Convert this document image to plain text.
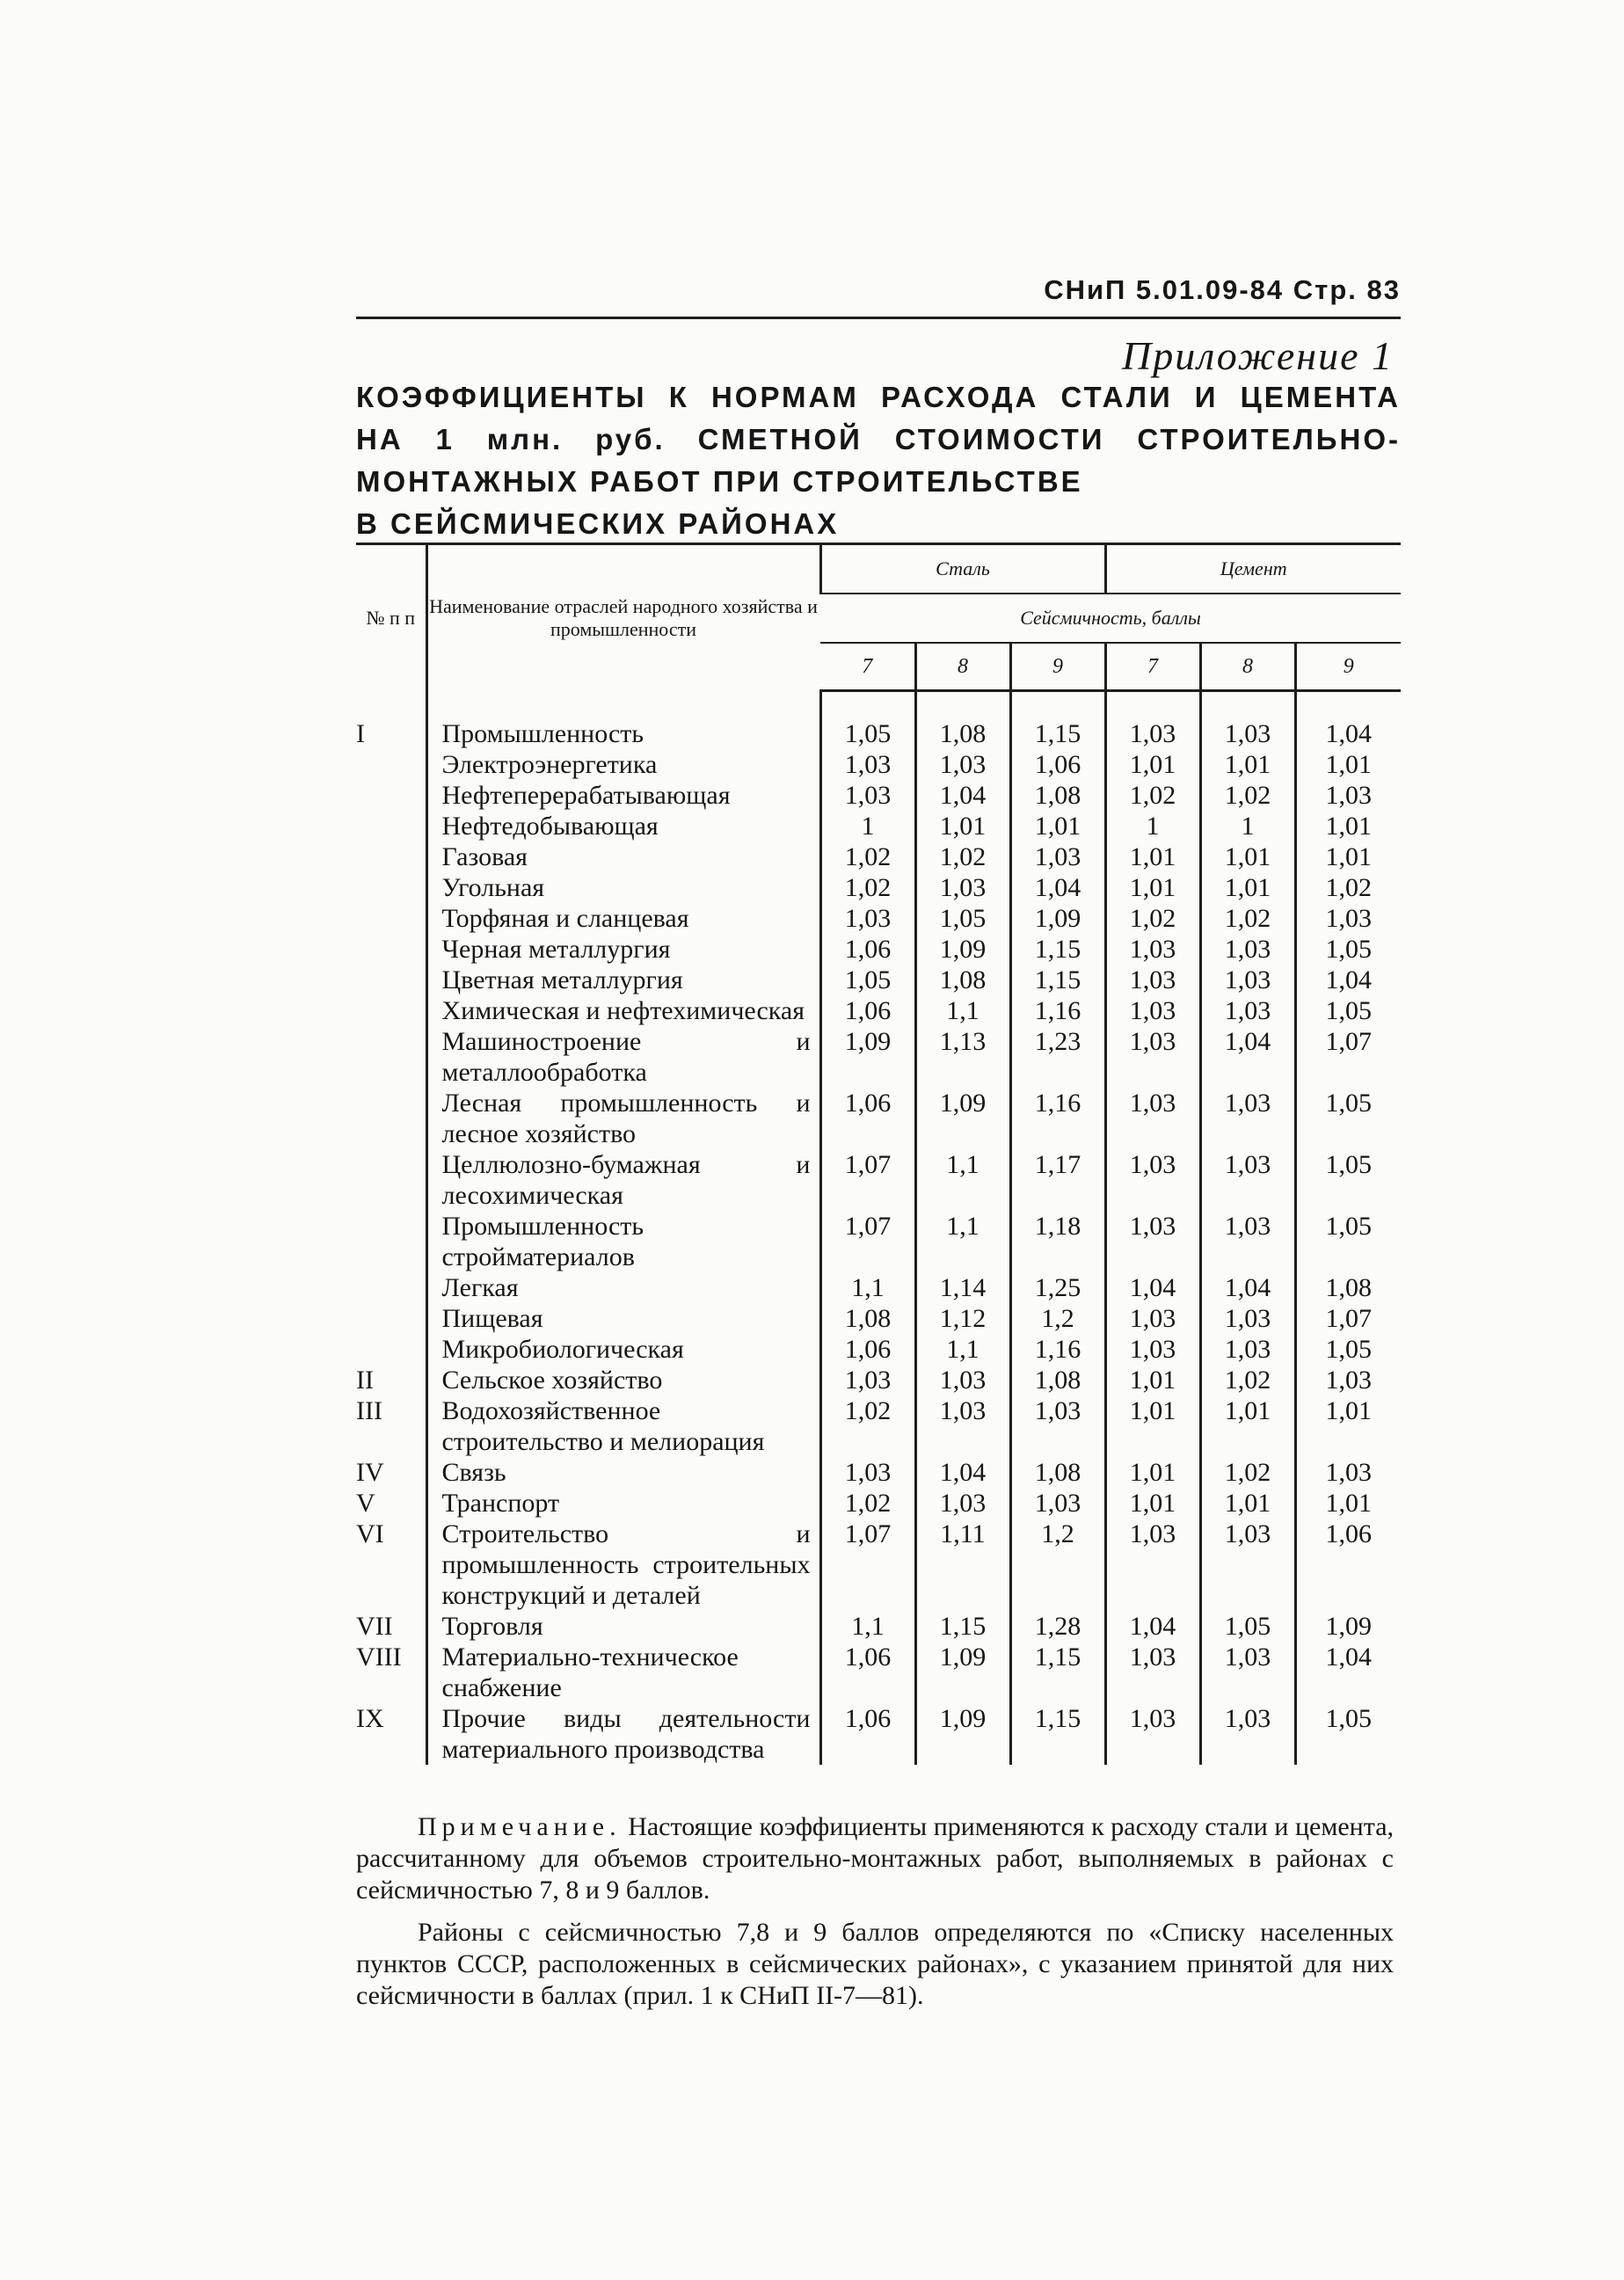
СНиП 5.01.09-84 Стр. 83
Приложение 1
КОЭФФИЦИЕНТЫ К НОРМАМ РАСХОДА СТАЛИ И ЦЕМЕНТА
НА 1 млн. руб. СМЕТНОЙ СТОИМОСТИ СТРОИТЕЛЬНО-
МОНТАЖНЫХ РАБОТ ПРИ СТРОИТЕЛЬСТВЕ
В СЕЙСМИЧЕСКИХ РАЙОНАХ
№ п п	Наименование отраслей народного хозяйства и промышленности	Сталь			Цемент		
		Сейсмичность, баллы					
		7	8	9	7	8	9

I	Промышленность	1,05	1,08	1,15	1,03	1,03	1,04
	Электроэнергетика	1,03	1,03	1,06	1,01	1,01	1,01
	Нефтеперерабатывающая	1,03	1,04	1,08	1,02	1,02	1,03
	Нефтедобывающая	1	1,01	1,01	1	1	1,01
	Газовая	1,02	1,02	1,03	1,01	1,01	1,01
	Угольная	1,02	1,03	1,04	1,01	1,01	1,02
	Торфяная и сланцевая	1,03	1,05	1,09	1,02	1,02	1,03
	Черная металлургия	1,06	1,09	1,15	1,03	1,03	1,05
	Цветная металлургия	1,05	1,08	1,15	1,03	1,03	1,04
	Химическая и нефтехимическая	1,06	1,1	1,16	1,03	1,03	1,05
	Машиностроение и металлообработка	1,09	1,13	1,23	1,03	1,04	1,07
	Лесная промышленность и лесное хозяйство	1,06	1,09	1,16	1,03	1,03	1,05
	Целлюлозно-бумажная и лесохимическая	1,07	1,1	1,17	1,03	1,03	1,05
	Промышленность стройматериалов	1,07	1,1	1,18	1,03	1,03	1,05
	Легкая	1,1	1,14	1,25	1,04	1,04	1,08
	Пищевая	1,08	1,12	1,2	1,03	1,03	1,07
	Микробиологическая	1,06	1,1	1,16	1,03	1,03	1,05
II	Сельское хозяйство	1,03	1,03	1,08	1,01	1,02	1,03
III	Водохозяйственное строительство и мелиорация	1,02	1,03	1,03	1,01	1,01	1,01
IV	Связь	1,03	1,04	1,08	1,01	1,02	1,03
V	Транспорт	1,02	1,03	1,03	1,01	1,01	1,01
VI	Строительство и промышленность строительных конструкций и деталей	1,07	1,11	1,2	1,03	1,03	1,06
VII	Торговля	1,1	1,15	1,28	1,04	1,05	1,09
VIII	Материально-техническое снабжение	1,06	1,09	1,15	1,03	1,03	1,04
IX	Прочие виды деятельности материального производства	1,06	1,09	1,15	1,03	1,03	1,05

Примечание. Настоящие коэффициенты применяются к расходу стали и цемента, рассчитанному для объемов строительно-монтажных работ, выполняемых в районах с сейсмичностью 7, 8 и 9 баллов.

Районы с сейсмичностью 7,8 и 9 баллов определяются по «Списку населенных пунктов СССР, расположенных в сейсмических районах», с указанием принятой для них сейсмичности в баллах (прил. 1 к СНиП II-7—81).
